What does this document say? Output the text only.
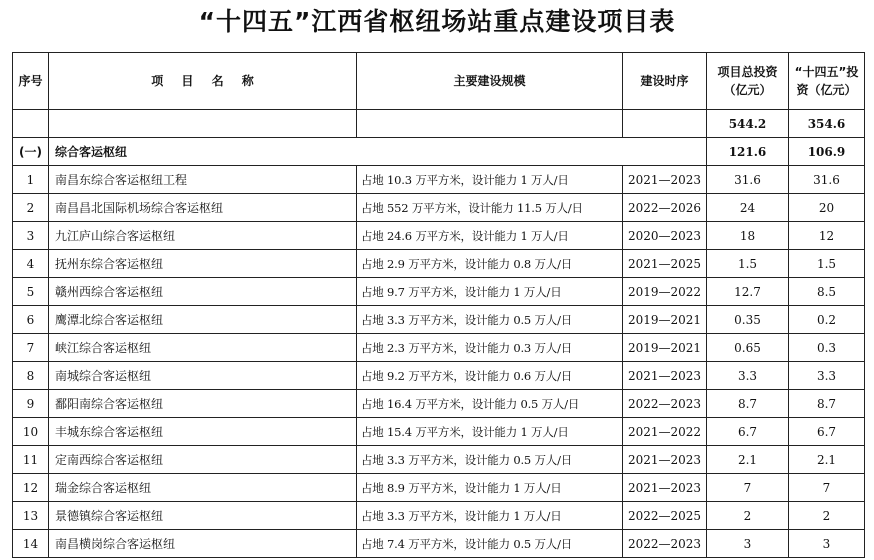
“十四五”江西省枢纽场站重点建设项目表
序号	项 目 名 称	主要建设规模	建设时序	项目总投资（亿元）	“十四五”投资（亿元）
				544.2	354.6
(一)	综合客运枢纽			121.6	106.9
1	南昌东综合客运枢纽工程	占地 10.3 万平方米，设计能力 1 万人/日	2021—2023	31.6	31.6
2	南昌昌北国际机场综合客运枢纽	占地 552 万平方米，设计能力 11.5 万人/日	2022—2026	24	20
3	九江庐山综合客运枢纽	占地 24.6 万平方米，设计能力 1 万人/日	2020—2023	18	12
4	抚州东综合客运枢纽	占地 2.9 万平方米，设计能力 0.8 万人/日	2021—2025	1.5	1.5
5	赣州西综合客运枢纽	占地 9.7 万平方米，设计能力 1 万人/日	2019—2022	12.7	8.5
6	鹰潭北综合客运枢纽	占地 3.3 万平方米，设计能力 0.5 万人/日	2019—2021	0.35	0.2
7	峡江综合客运枢纽	占地 2.3 万平方米，设计能力 0.3 万人/日	2019—2021	0.65	0.3
8	南城综合客运枢纽	占地 9.2 万平方米，设计能力 0.6 万人/日	2021—2023	3.3	3.3
9	鄱阳南综合客运枢纽	占地 16.4 万平方米，设计能力 0.5 万人/日	2022—2023	8.7	8.7
10	丰城东综合客运枢纽	占地 15.4 万平方米，设计能力 1 万人/日	2021—2022	6.7	6.7
11	定南西综合客运枢纽	占地 3.3 万平方米，设计能力 0.5 万人/日	2021—2023	2.1	2.1
12	瑞金综合客运枢纽	占地 8.9 万平方米，设计能力 1 万人/日	2021—2023	7	7
13	景德镇综合客运枢纽	占地 3.3 万平方米，设计能力 1 万人/日	2022—2025	2	2
14	南昌横岗综合客运枢纽	占地 7.4 万平方米，设计能力 0.5 万人/日	2022—2023	3	3
